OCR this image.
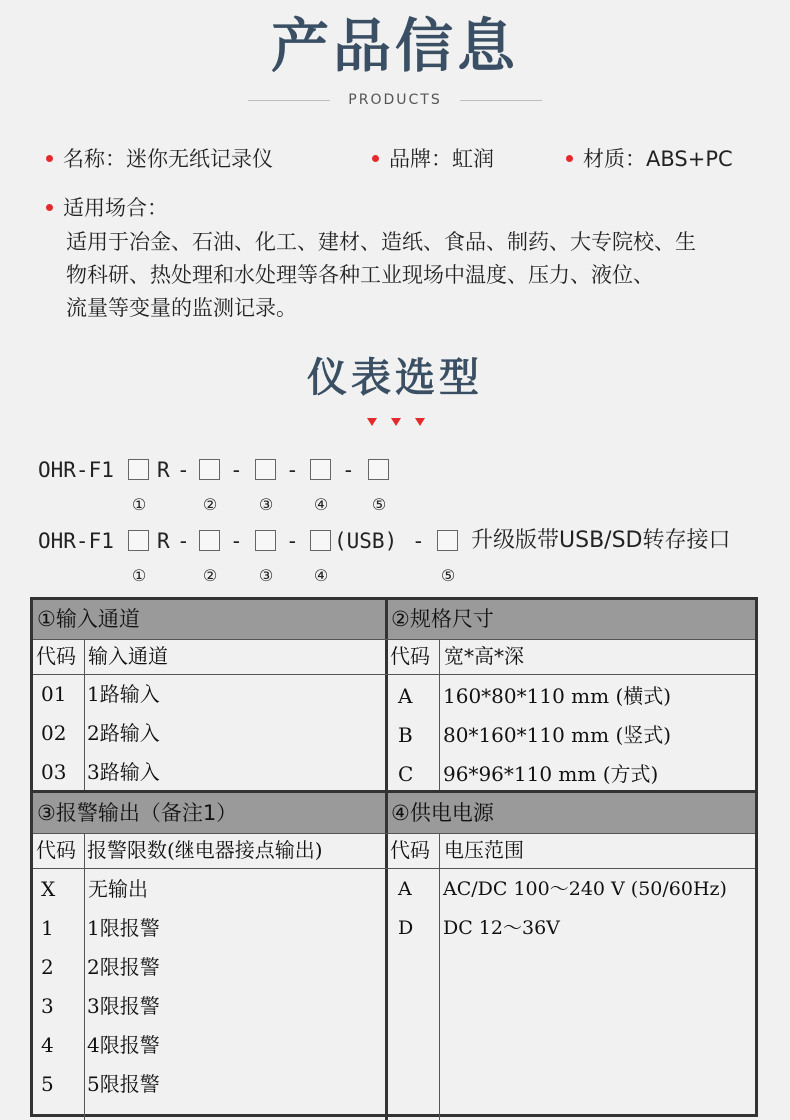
产品信息
PRODUCTS
名称：迷你无纸记录仪	品牌：虹润	材质：ABS+PC
适用场合：
适用于冶金、石油、化工、建材、造纸、食品、制药、大专院校、生
物科研、热处理和水处理等各种工业现场中温度、压力、液位、
流量等变量的监测记录。
仪表选型
OHR-F1 R - - - -
①	②	③	④	⑤
OHR-F1 R - - - (USB) - 升级版带USB/SD转存接口
①	②	③	④	⑤
①输入通道
代码 输入通道
01 1路输入
02 2路输入
03 3路输入
②规格尺寸
代码 宽*高*深
A 160*80*110 mm (横式)
B 80*160*110 mm (竖式)
C 96*96*110 mm (方式)
③报警输出（备注1）
代码 报警限数(继电器接点输出)
X 无输出
1 1限报警
2 2限报警
3 3限报警
4 4限报警
5 5限报警
④供电电源
代码 电压范围
A AC/DC 100～240 V (50/60Hz)
D DC 12～36V
